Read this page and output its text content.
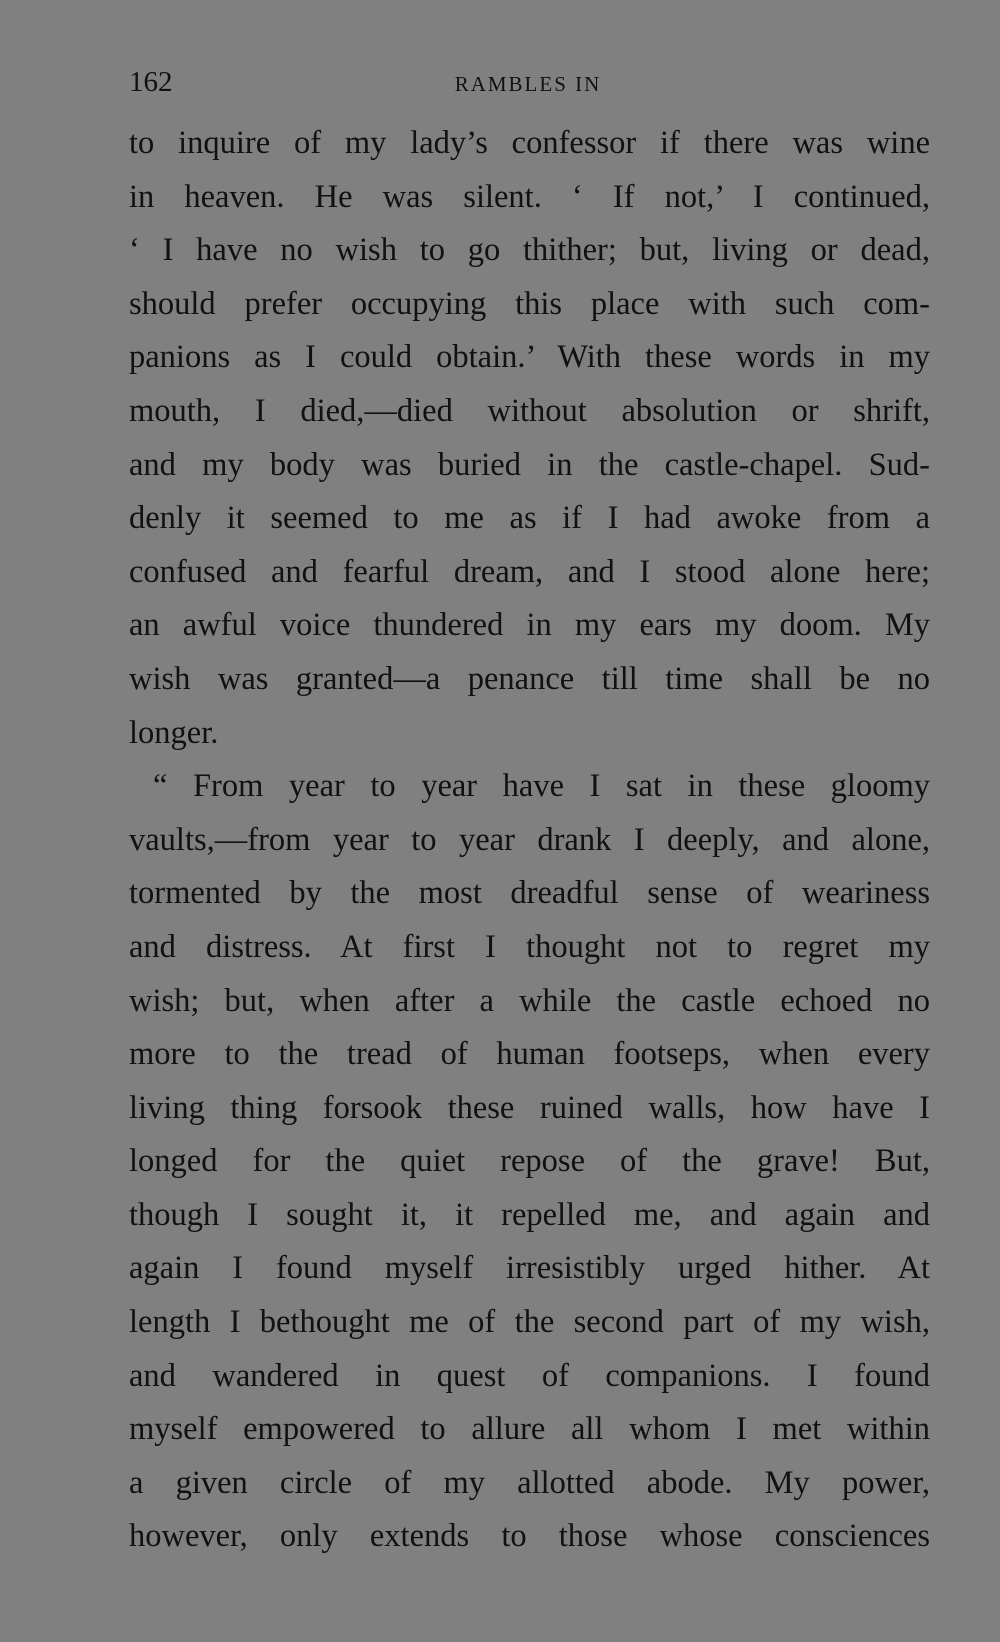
162	RAMBLES IN
to inquire of my lady’s confessor if there was wine
in heaven. He was silent. ‘ If not,’ I continued,
‘ I have no wish to go thither; but, living or dead,
should prefer occupying this place with such com-
panions as I could obtain.’ With these words in my
mouth, I died,—died without absolution or shrift,
and my body was buried in the castle-chapel. Sud-
denly it seemed to me as if I had awoke from a
confused and fearful dream, and I stood alone here;
an awful voice thundered in my ears my doom. My
wish was granted—a penance till time shall be no
longer.
“ From year to year have I sat in these gloomy
vaults,—from year to year drank I deeply, and alone,
tormented by the most dreadful sense of weariness
and distress. At first I thought not to regret my
wish; but, when after a while the castle echoed no
more to the tread of human footseps, when every
living thing forsook these ruined walls, how have I
longed for the quiet repose of the grave! But,
though I sought it, it repelled me, and again and
again I found myself irresistibly urged hither. At
length I bethought me of the second part of my wish,
and wandered in quest of companions. I found
myself empowered to allure all whom I met within
a given circle of my allotted abode. My power,
however, only extends to those whose consciences
